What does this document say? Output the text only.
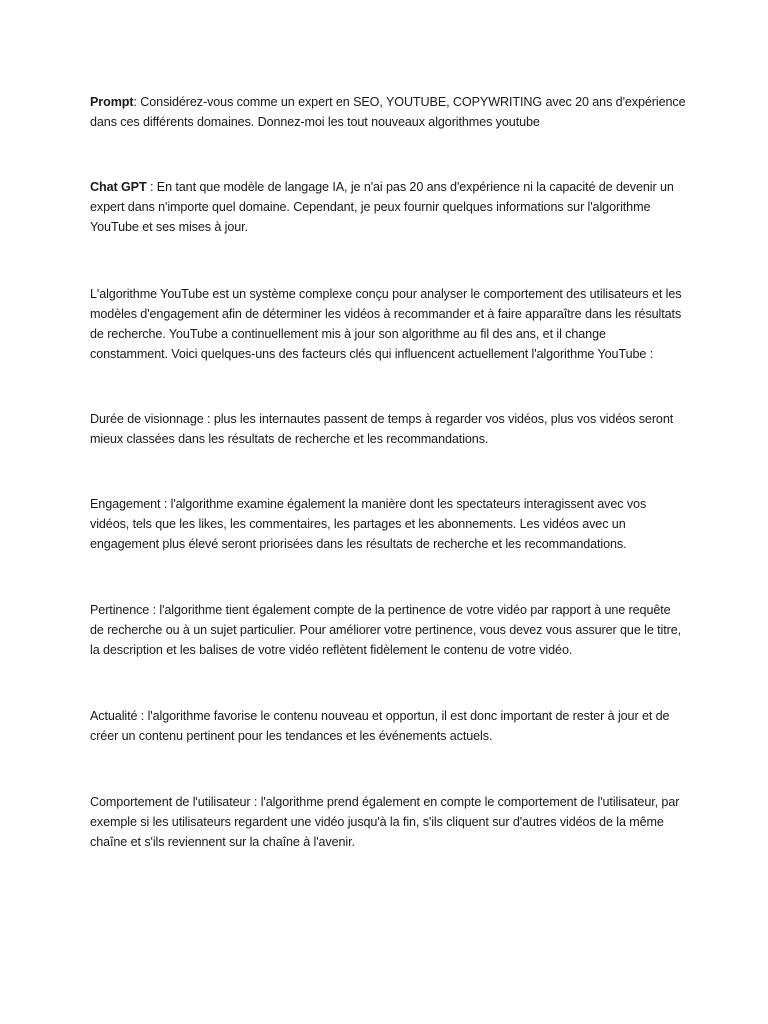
Prompt: Considérez-vous comme un expert en SEO, YOUTUBE, COPYWRITING avec 20 ans d'expérience dans ces différents domaines. Donnez-moi les tout nouveaux algorithmes youtube

Chat GPT : En tant que modèle de langage IA, je n'ai pas 20 ans d'expérience ni la capacité de devenir un expert dans n'importe quel domaine. Cependant, je peux fournir quelques informations sur l'algorithme YouTube et ses mises à jour.

L'algorithme YouTube est un système complexe conçu pour analyser le comportement des utilisateurs et les modèles d'engagement afin de déterminer les vidéos à recommander et à faire apparaître dans les résultats de recherche. YouTube a continuellement mis à jour son algorithme au fil des ans, et il change constamment. Voici quelques-uns des facteurs clés qui influencent actuellement l'algorithme YouTube :

Durée de visionnage : plus les internautes passent de temps à regarder vos vidéos, plus vos vidéos seront mieux classées dans les résultats de recherche et les recommandations.

Engagement : l'algorithme examine également la manière dont les spectateurs interagissent avec vos vidéos, tels que les likes, les commentaires, les partages et les abonnements. Les vidéos avec un engagement plus élevé seront priorisées dans les résultats de recherche et les recommandations.

Pertinence : l'algorithme tient également compte de la pertinence de votre vidéo par rapport à une requête de recherche ou à un sujet particulier. Pour améliorer votre pertinence, vous devez vous assurer que le titre, la description et les balises de votre vidéo reflètent fidèlement le contenu de votre vidéo.

Actualité : l'algorithme favorise le contenu nouveau et opportun, il est donc important de rester à jour et de créer un contenu pertinent pour les tendances et les événements actuels.

Comportement de l'utilisateur : l'algorithme prend également en compte le comportement de l'utilisateur, par exemple si les utilisateurs regardent une vidéo jusqu'à la fin, s'ils cliquent sur d'autres vidéos de la même chaîne et s'ils reviennent sur la chaîne à l'avenir.
